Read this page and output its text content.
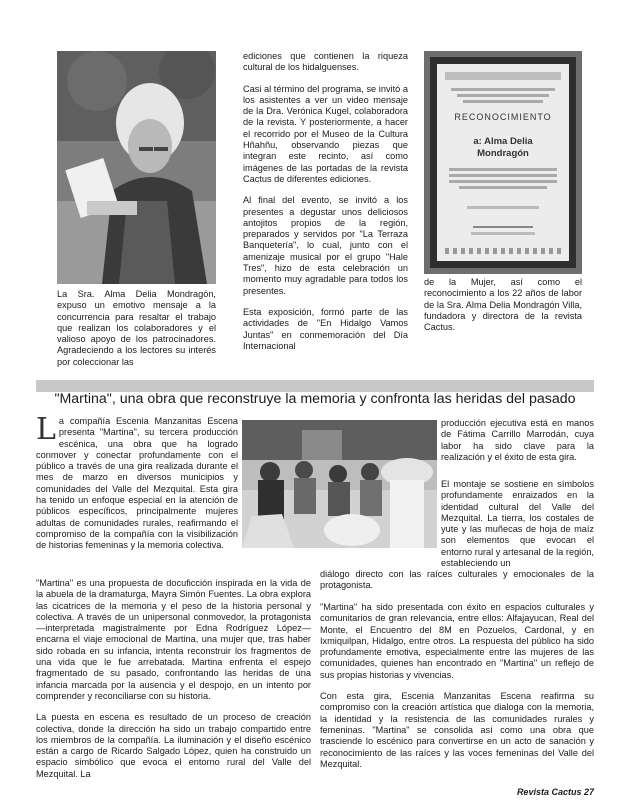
La Sra. Alma Delia Mondragón, expuso un emotivo mensaje a la concurrencia para resaltar el trabajo que realizan los colaboradores y el valioso apoyo de los patrocinadores. Agradeciendo a los lectores su interés por coleccionar las

ediciones que contienen la riqueza cultural de los hidalguenses.

Casi al término del programa, se invitó a los asistentes a ver un video mensaje de la Dra. Verónica Kugel, colaboradora de la revista. Y posteriormente, a hacer el recorrido por el Museo de la Cultura Hñahñu, observando piezas que integran este recinto, así como imágenes de las portadas de la revista Cactus de diferentes ediciones.

Al final del evento, se invitó a los presentes a degustar unos deliciosos antojitos propios de la región, preparados y servidos por "La Terraza Banquetería", lo cual, junto con el amenizaje musical por el grupo "Hale Tres", hizo de esta celebración un momento muy agradable para todos los presentes.

Esta exposición, formó parte de las actividades de "En Hidalgo Vamos Juntas" en conmemoración del Día Internacional

RECONOCIMIENTO
a: Alma Delia
Mondragón

de la Mujer, así como el reconocimiento a los 22 años de labor de la Sra. Alma Delia Mondragón Villa, fundadora y directora de la revista Cactus.

"Martina", una obra que reconstruye la memoria y confronta las heridas del pasado
L a compañía Escenia Manzanitas Escena presenta "Martina", su tercera producción escénica, una obra que ha logrado conmover y conectar profundamente con el público a través de una gira realizada durante el mes de marzo en diversos municipios y comunidades del Valle del Mezquital. Esta gira ha tenido un enfoque especial en la atención de públicos específicos, principalmente mujeres adultas de comunidades rurales, reafirmando el compromiso de la compañía con la visibilización de historias femeninas y la memoria colectiva.

producción ejecutiva está en manos de Fátima Carrillo Marrodán, cuya labor ha sido clave para la realización y el éxito de esta gira.

El montaje se sostiene en símbolos profundamente enraizados en la identidad cultural del Valle del Mezquital. La tierra, los costales de yute y las muñecas de hoja de maíz son elementos que evocan el entorno rural y artesanal de la región, estableciendo un

diálogo directo con las raíces culturales y emocionales de la protagonista.

"Martina" es una propuesta de docuficción inspirada en la vida de la abuela de la dramaturga, Mayra Simón Fuentes. La obra explora las cicatrices de la memoria y el peso de la historia personal y colectiva. A través de un unipersonal conmovedor, la protagonista —interpretada magistralmente por Edna Rodríguez López— encarna el viaje emocional de Martina, una mujer que, tras haber sido robada en su infancia, intenta reconstruir los fragmentos de una vida que le fue arrebatada. Martina enfrenta el espejo fragmentado de su pasado, confrontando las heridas de una infancia marcada por la ausencia y el despojo, en un intento por comprender y reconciliarse con su historia.

La puesta en escena es resultado de un proceso de creación colectiva, donde la dirección ha sido un trabajo compartido entre los miembros de la compañía. La iluminación y el diseño escénico están a cargo de Ricardo Salgado López, quien ha construido un espacio simbólico que evoca el entorno rural del Valle del Mezquital. La

"Martina" ha sido presentada con éxito en espacios culturales y comunitarios de gran relevancia, entre ellos: Alfajayucan, Real del Monte, el Encuentro del 8M en Pozuelos, Cardonal, y en Ixmiquilpan, Hidalgo, entre otros. La respuesta del público ha sido profundamente emotiva, especialmente entre las mujeres de las comunidades, quienes han encontrado en "Martina" un reflejo de sus propias historias y vivencias.

Con esta gira, Escenia Manzanitas Escena reafirma su compromiso con la creación artística que dialoga con la memoria, la identidad y la resistencia de las comunidades rurales y femeninas. "Martina" se consolida así como una obra que trasciende lo escénico para convertirse en un acto de sanación y reconocimiento de las raíces y las voces femeninas del Valle del Mezquital.

Revista Cactus 27
